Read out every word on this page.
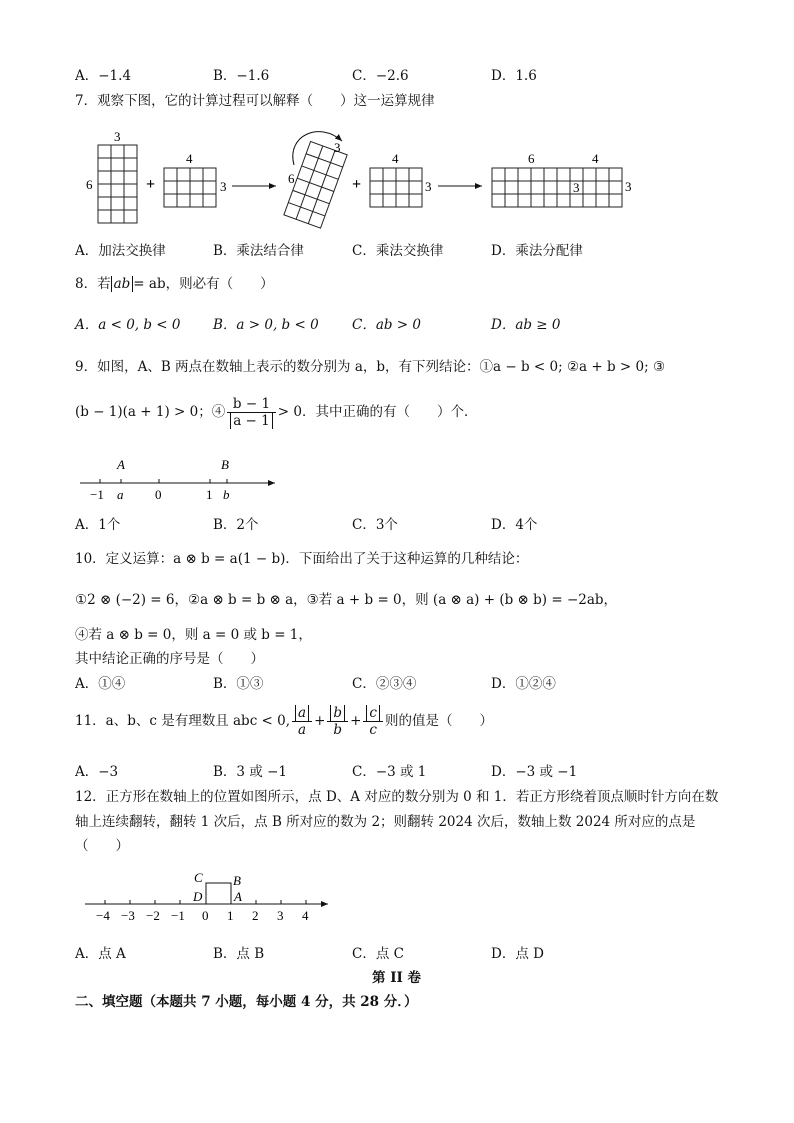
A．−1.4	B．−1.6	C．−2.6	D．1.6
7．观察下图，它的计算过程可以解释（　　）这一运算规律
3
6	+
4
3
6
3
+
4
3
6	4
3	3
A．加法交换律	B．乘法结合律	C．乘法交换律	D．乘法分配律
8．若 ab = ab，则必有（　　）
A．a < 0, b < 0 B．a > 0, b < 0 C．ab > 0	D．ab ≥ 0
9．如图，A、B 两点在数轴上表示的数分别为 a，b，有下列结论：①a − b < 0; ②a + b > 0; ③
(b − 1)(a + 1) > 0；④ $\frac{b - 1}{a - 1} > 0$．其中正确的有（　　）个．
A	B
−1 a 0	1 b
A．1个	B．2个	C．3个	D．4个
10．定义运算：a ⊗ b = a(1 − b)．下面给出了关于这种运算的几种结论：
①2 ⊗ (−2) = 6，②a ⊗ b = b ⊗ a，③若 a + b = 0，则 (a ⊗ a) + (b ⊗ b) = −2ab，
④若 a ⊗ b = 0，则 a = 0 或 b = 1，
其中结论正确的序号是（　　）
A．①④	B．①③	C．②③④	D．①②④
11．a、b、c 是有理数且 abc < 0, $\frac{a}{a} + \frac{b}{b} + \frac{c}{c}$ 则的值是（　　）
A．−3	B．3 或 −1	C．−3 或 1	D．−3 或 −1
12．正方形在数轴上的位置如图所示，点 D、A 对应的数分别为 0 和 1．若正方形绕着顶点顺时针方向在数
轴上连续翻转，翻转 1 次后，点 B 所对应的数为 2；则翻转 2024 次后，数轴上数 2024 所对应的点是
（　　）
C B
D A
−4 −3 −2 −1 0 1 2 3 4
A．点 A	B．点 B	C．点 C	D．点 D
第 II 卷
二、填空题（本题共 7 小题，每小题 4 分，共 28 分．）
